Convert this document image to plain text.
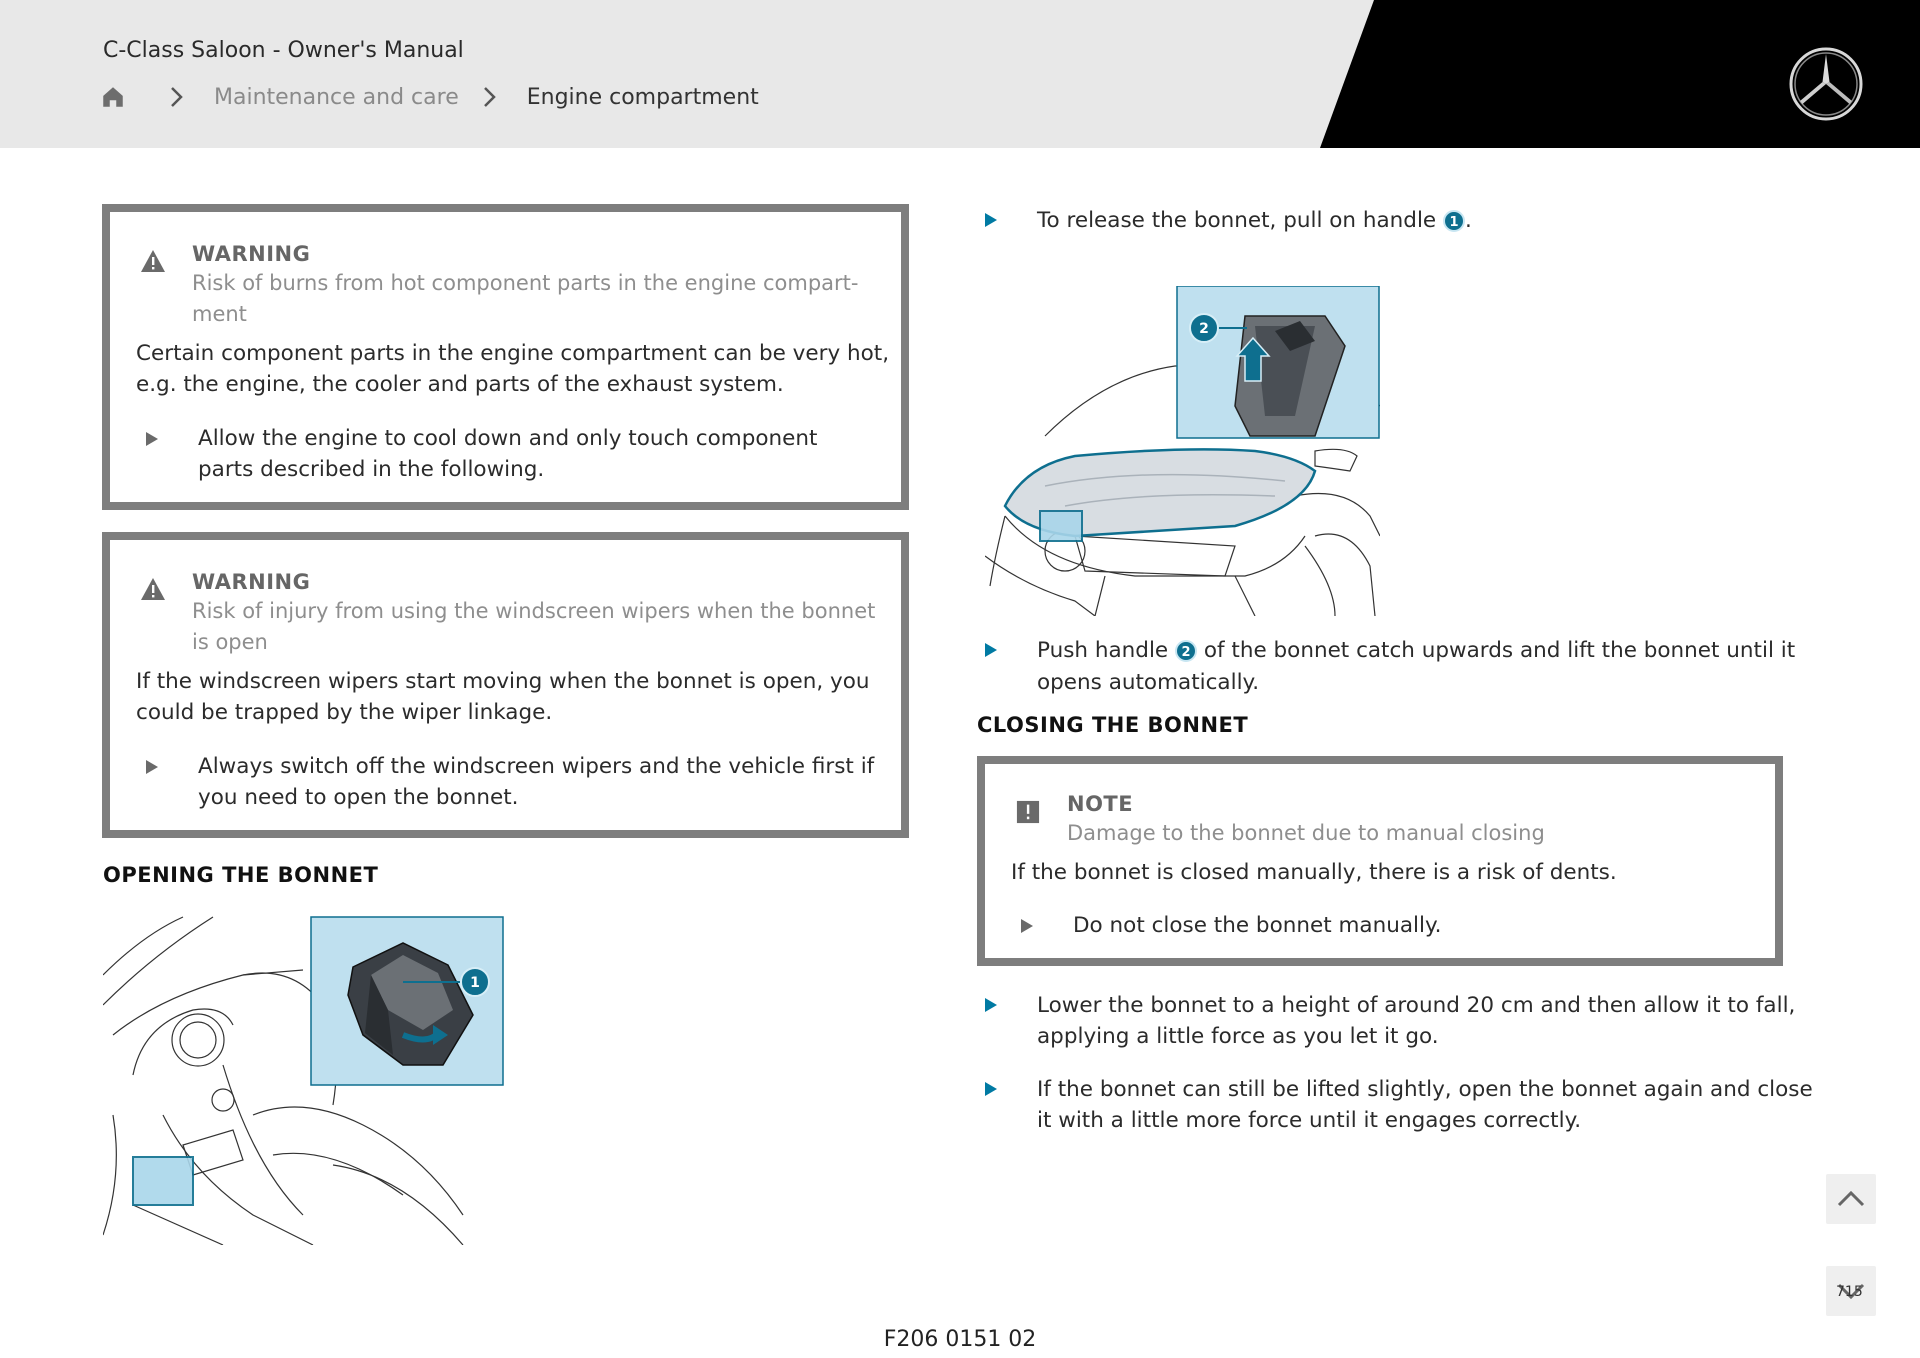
C-Class Saloon - Owner's Manual
Maintenance and care	Engine compartment
WARNING
Risk of burns from hot component parts in the engine compart-
ment
Certain component parts in the engine compartment can be very hot,
e.g. the engine, the cooler and parts of the exhaust system.
Allow the engine to cool down and only touch component
parts described in the following.
WARNING
Risk of injury from using the windscreen wipers when the bonnet
is open
If the windscreen wipers start moving when the bonnet is open, you
could be trapped by the wiper linkage.
Always switch off the windscreen wipers and the vehicle first if
you need to open the bonnet.
OPENING THE BONNET
1
To release the bonnet, pull on handle 1 .
2
Push handle 2 of the bonnet catch upwards and lift the bonnet until it
opens automatically.
CLOSING THE BONNET
NOTE
Damage to the bonnet due to manual closing
If the bonnet is closed manually, there is a risk of dents.
Do not close the bonnet manually.
Lower the bonnet to a height of around 20 cm and then allow it to fall,
applying a little force as you let it go.
If the bonnet can still be lifted slightly, open the bonnet again and close
it with a little more force until it engages correctly.
715
F206 0151 02
